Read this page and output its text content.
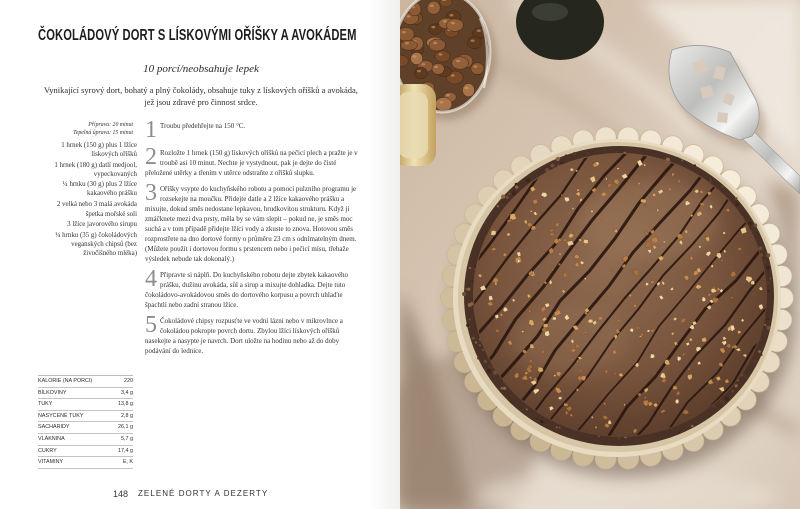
ČOKOLÁDOVÝ DORT S LÍSKOVÝMI OŘÍŠKY A AVOKÁDEM
10 porcí/neobsahuje lepek
Vynikající syrový dort, bohatý a plný čokolády, obsahuje tuky z lískových oříšků a avokáda,
jež jsou zdravé pro činnost srdce.
Příprava: 20 minut
Tepelná úprava: 15 minut
1 hrnek (150 g) plus 1 lžíce lískových oříšků
1 hrnek (180 g) datlí medjool, vypeckovaných
¼ hrnku (30 g) plus 2 lžíce kakaového prášku
2 velká nebo 3 malá avokáda
špetka mořské soli
3 lžíce javorového sirupu
¼ hrnku (35 g) čokoládových veganských chipsů (bez živočišného mléka)
1 Troubu předehřejte na 150 °C.
2 Rozložte 1 hrnek (150 g) lískových oříšků na pečicí plech a pražte je v troubě asi 10 minut. Nechte je vystydnout, pak je dejte do čisté přeložené utěrky a třením v utěrce odstraňte z oříšků slupku.
3 Oříšky vsypte do kuchyňského robotu a pomocí pulzního programu je rozsekejte na moučku. Přidejte datle a 2 lžíce kakaového prášku a mixujte, dokud směs nedostane lepkavou, hrudkovitou strukturu. Když ji zmáčknete mezi dva prsty, měla by se vám slepit – pokud ne, je směs moc suchá a v tom případě přidejte lžíci vody a zkuste to znova. Hotovou směs rozprostřete na dno dortové formy o průměru 23 cm s odnímatelným dnem. (Můžete použít i dortovou formu s prstencem nebo i pečicí mísu, třebaže výsledek nebude tak dokonalý.)
4 Připravte si náplň. Do kuchyňského robotu dejte zbytek kakaového prášku, dužinu avokáda, sůl a sirup a mixujte dohladka. Dejte tuto čokoládovo-avokádovou směs do dortového korpusu a povrch uhlaďte špachtlí nebo zadní stranou lžíce.
5 Čokoládové chipsy rozpusťte ve vodní lázni nebo v mikrovlnce a čokoládou pokropte povrch dortu. Zbylou lžíci lískových oříšků nasekejte a nasypte je navrch. Dort uložte na hodinu nebo až do doby podávání do lednice.
KALORIE (NA PORCI)	220
BÍLKOVINY	3,4 g
TUKY	13,8 g
NASYCENÉ TUKY	2,8 g
SACHARIDY	26,1 g
VLÁKNINA	5,7 g
CUKRY	17,4 g
VITAMINY	E, K
148 ZELENÉ DORTY A DEZERTY
